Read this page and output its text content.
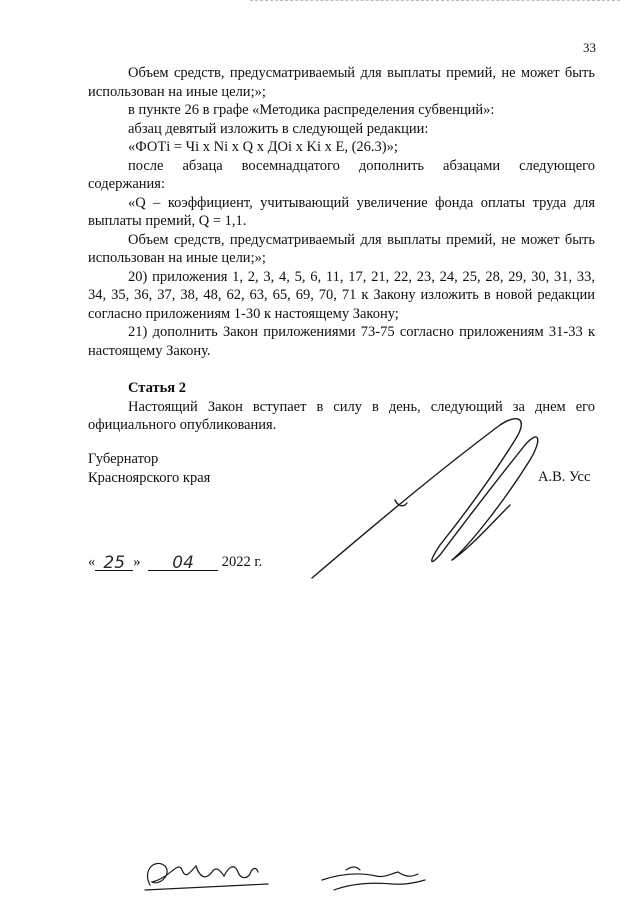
33

Объем средств, предусматриваемый для выплаты премий, не может быть использован на иные цели;»;

в пункте 26 в графе «Методика распределения субвенций»:

абзац девятый изложить в следующей редакции:

«ФОТi = Чi x Ni x Q x ДОi x Ki x E, (26.3)»;

после абзаца восемнадцатого дополнить абзацами следующего содержания:

«Q – коэффициент, учитывающий увеличение фонда оплаты труда для выплаты премий, Q = 1,1.

Объем средств, предусматриваемый для выплаты премий, не может быть использован на иные цели;»;

20) приложения 1, 2, 3, 4, 5, 6, 11, 17, 21, 22, 23, 24, 25, 28, 29, 30, 31, 33, 34, 35, 36, 37, 38, 48, 62, 63, 65, 69, 70, 71 к Закону изложить в новой редакции согласно приложениям 1-30 к настоящему Закону;

21) дополнить Закон приложениями 73-75 согласно приложениям 31-33 к настоящему Закону.

Статья 2

Настоящий Закон вступает в силу в день, следующий за днем его официального опубликования.

Губернатор
Красноярского края	А.В. Усс
« 25 » 04 2022 г.
